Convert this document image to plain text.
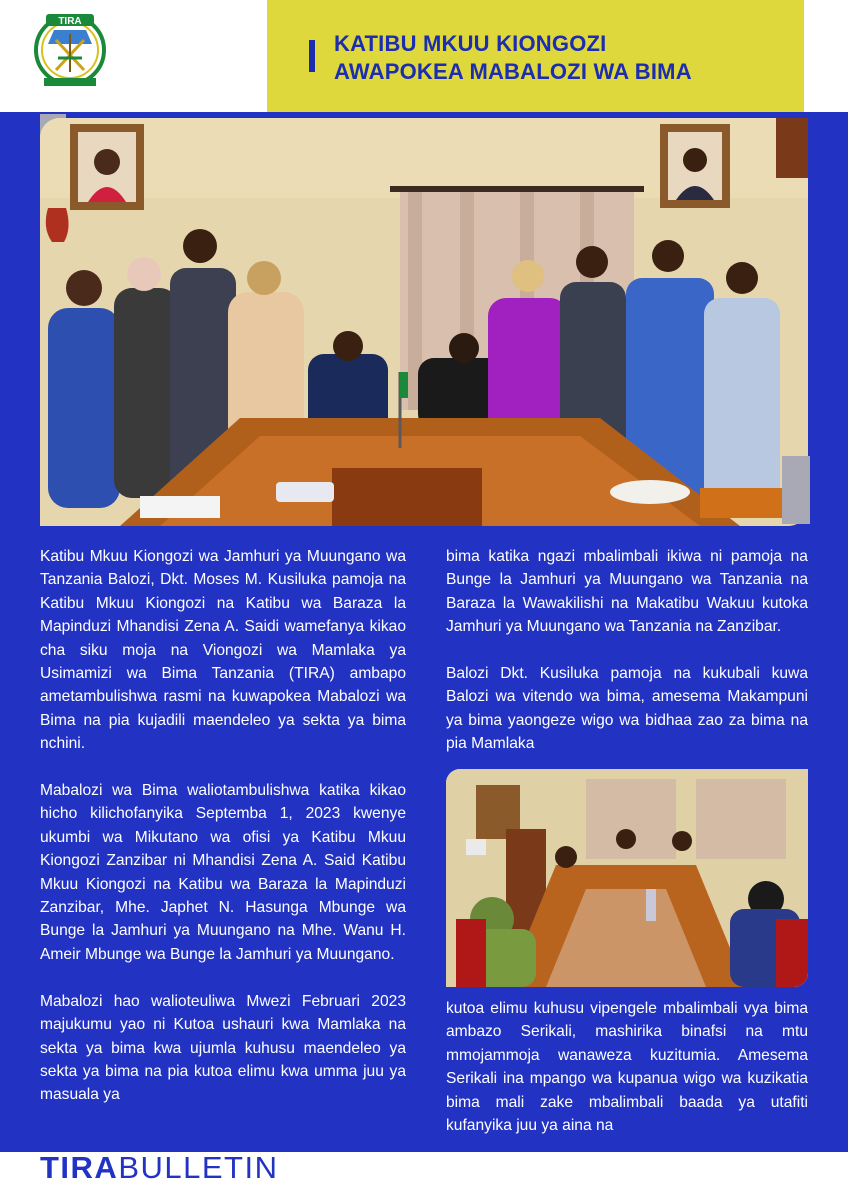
TIRA
KATIBU MKUU KIONGOZI
AWAPOKEA MABALOZI WA BIMA

Katibu Mkuu Kiongozi wa Jamhuri ya Muungano wa Tanzania Balozi, Dkt. Moses M. Kusiluka pamoja na Katibu Mkuu Kiongozi na Katibu wa Baraza la Mapinduzi Mhandisi Zena A. Saidi wamefanya kikao cha siku moja na Viongozi wa Mamlaka ya Usimamizi wa Bima Tanzania (TIRA) ambapo ametambulishwa rasmi na kuwapokea Mabalozi wa Bima na pia kujadili maendeleo ya sekta ya bima nchini.

Mabalozi wa Bima waliotambulishwa katika kikao hicho kilichofanyika Septemba 1, 2023 kwenye ukumbi wa Mikutano wa ofisi ya Katibu Mkuu Kiongozi Zanzibar ni Mhandisi Zena A. Said Katibu Mkuu Kiongozi na Katibu wa Baraza la Mapinduzi Zanzibar, Mhe. Japhet N. Hasunga Mbunge wa Bunge la Jamhuri ya Muungano na Mhe. Wanu H. Ameir Mbunge wa Bunge la Jamhuri ya Muungano.

Mabalozi hao walioteuliwa Mwezi Februari 2023 majukumu yao ni Kutoa ushauri kwa Mamlaka na sekta ya bima kwa ujumla kuhusu maendeleo ya sekta ya bima na pia kutoa elimu kwa umma juu ya masuala ya

bima katika ngazi mbalimbali ikiwa ni pamoja na Bunge la Jamhuri ya Muungano wa Tanzania na Baraza la Wawakilishi na Makatibu Wakuu kutoka Jamhuri ya Muungano wa Tanzania na Zanzibar.

Balozi Dkt. Kusiluka pamoja na kukubali kuwa Balozi wa vitendo wa bima, amesema Makampuni ya bima yaongeze wigo wa bidhaa zao za bima na pia Mamlaka

kutoa elimu kuhusu vipengele mbalimbali vya bima ambazo Serikali, mashirika binafsi na mtu mmojammoja wanaweza kuzitumia. Amesema Serikali ina mpango wa kupanua wigo wa kuzikatia bima mali zake mbalimbali baada ya utafiti kufanyika juu ya aina na

TIRABULLETIN
